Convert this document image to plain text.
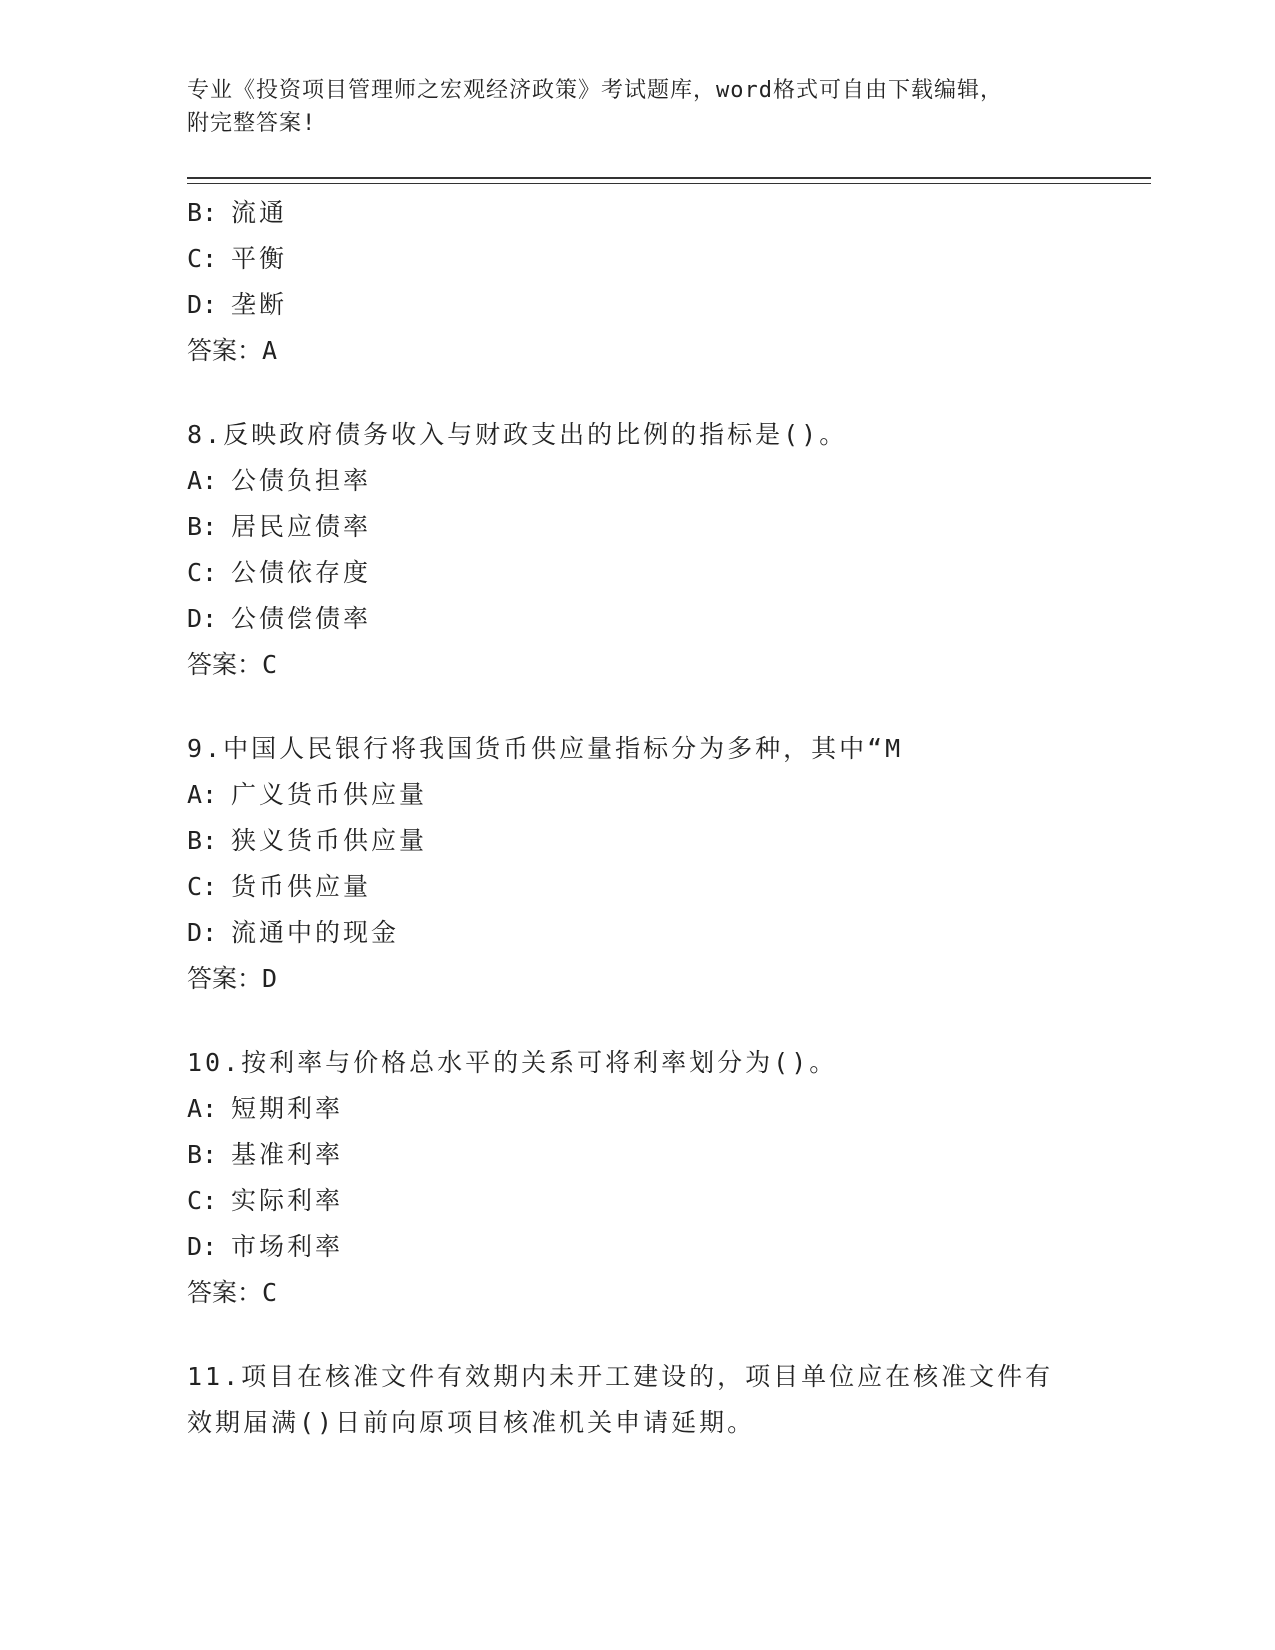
专业《投资项目管理师之宏观经济政策》考试题库，word格式可自由下载编辑，
附完整答案!
B: 流通
C: 平衡
D: 垄断
答案：A
8.反映政府债务收入与财政支出的比例的指标是()。
A: 公债负担率
B: 居民应债率
C: 公债依存度
D: 公债偿债率
答案：C
9.中国人民银行将我国货币供应量指标分为多种，其中“M
A: 广义货币供应量
B: 狭义货币供应量
C: 货币供应量
D: 流通中的现金
答案：D
10.按利率与价格总水平的关系可将利率划分为()。
A: 短期利率
B: 基准利率
C: 实际利率
D: 市场利率
答案：C
11.项目在核准文件有效期内未开工建设的，项目单位应在核准文件有
效期届满()日前向原项目核准机关申请延期。
